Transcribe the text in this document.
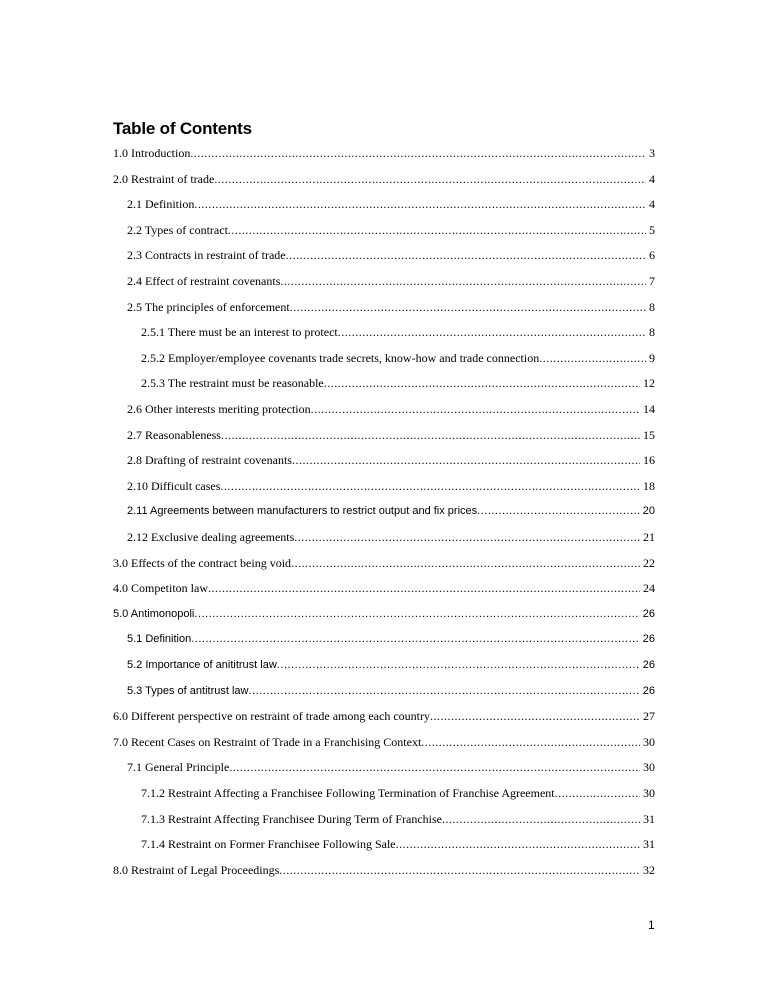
Table of Contents
1.0 Introduction .....	3
2.0 Restraint of trade .....	4
2.1 Definition .....	4
2.2 Types of contract .....	5
2.3 Contracts in restraint of trade .....	6
2.4 Effect of restraint covenants .....	7
2.5 The principles of enforcement .....	8
2.5.1 There must be an interest to protect .....	8
2.5.2 Employer/employee covenants trade secrets, know-how and trade connection .....	9
2.5.3 The restraint must be reasonable .....	12
2.6 Other interests meriting protection .....	14
2.7 Reasonableness .....	15
2.8 Drafting of restraint covenants .....	16
2.10 Difficult cases .....	18
2.11 Agreements between manufacturers to restrict output and fix prices .....	20
2.12 Exclusive dealing agreements .....	21
3.0 Effects of the contract being void .....	22
4.0 Competiton law .....	24
5.0 Antimonopoli .....	26
5.1 Definition .....	26
5.2 Importance of anititrust law .....	26
5.3 Types of antitrust law .....	26
6.0 Different perspective on restraint of trade among each country .....	27
7.0 Recent Cases on Restraint of Trade in a Franchising Context .....	30
7.1 General Principle .....	30
7.1.2 Restraint Affecting a Franchisee Following Termination of Franchise Agreement .....	30
7.1.3 Restraint Affecting Franchisee During Term of Franchise .....	31
7.1.4 Restraint on Former Franchisee Following Sale .....	31
8.0 Restraint of Legal Proceedings .....	32
1
